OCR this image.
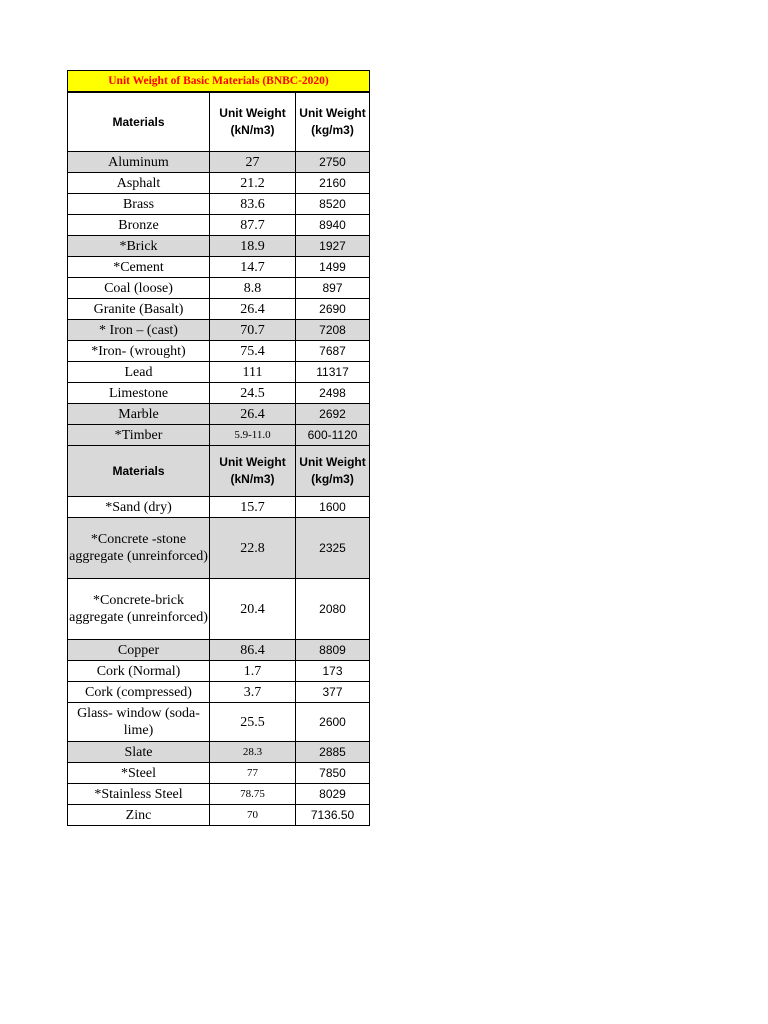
Unit Weight of Basic Materials (BNBC-2020)		
Materials	Unit Weight (kN/m3)	Unit Weight (kg/m3)
Aluminum	27	2750
Asphalt	21.2	2160
Brass	83.6	8520
Bronze	87.7	8940
*Brick	18.9	1927
*Cement	14.7	1499
Coal (loose)	8.8	897
Granite (Basalt)	26.4	2690
* Iron – (cast)	70.7	7208
*Iron- (wrought)	75.4	7687
Lead	111	11317
Limestone	24.5	2498
Marble	26.4	2692
*Timber	5.9-11.0	600-1120
Materials	Unit Weight (kN/m3)	Unit Weight (kg/m3)
*Sand (dry)	15.7	1600
*Concrete -stone aggregate (unreinforced)	22.8	2325
*Concrete-brick aggregate (unreinforced)	20.4	2080
Copper	86.4	8809
Cork (Normal)	1.7	173
Cork (compressed)	3.7	377
Glass- window (soda-lime)	25.5	2600
Slate	28.3	2885
*Steel	77	7850
*Stainless Steel	78.75	8029
Zinc	70	7136.50
